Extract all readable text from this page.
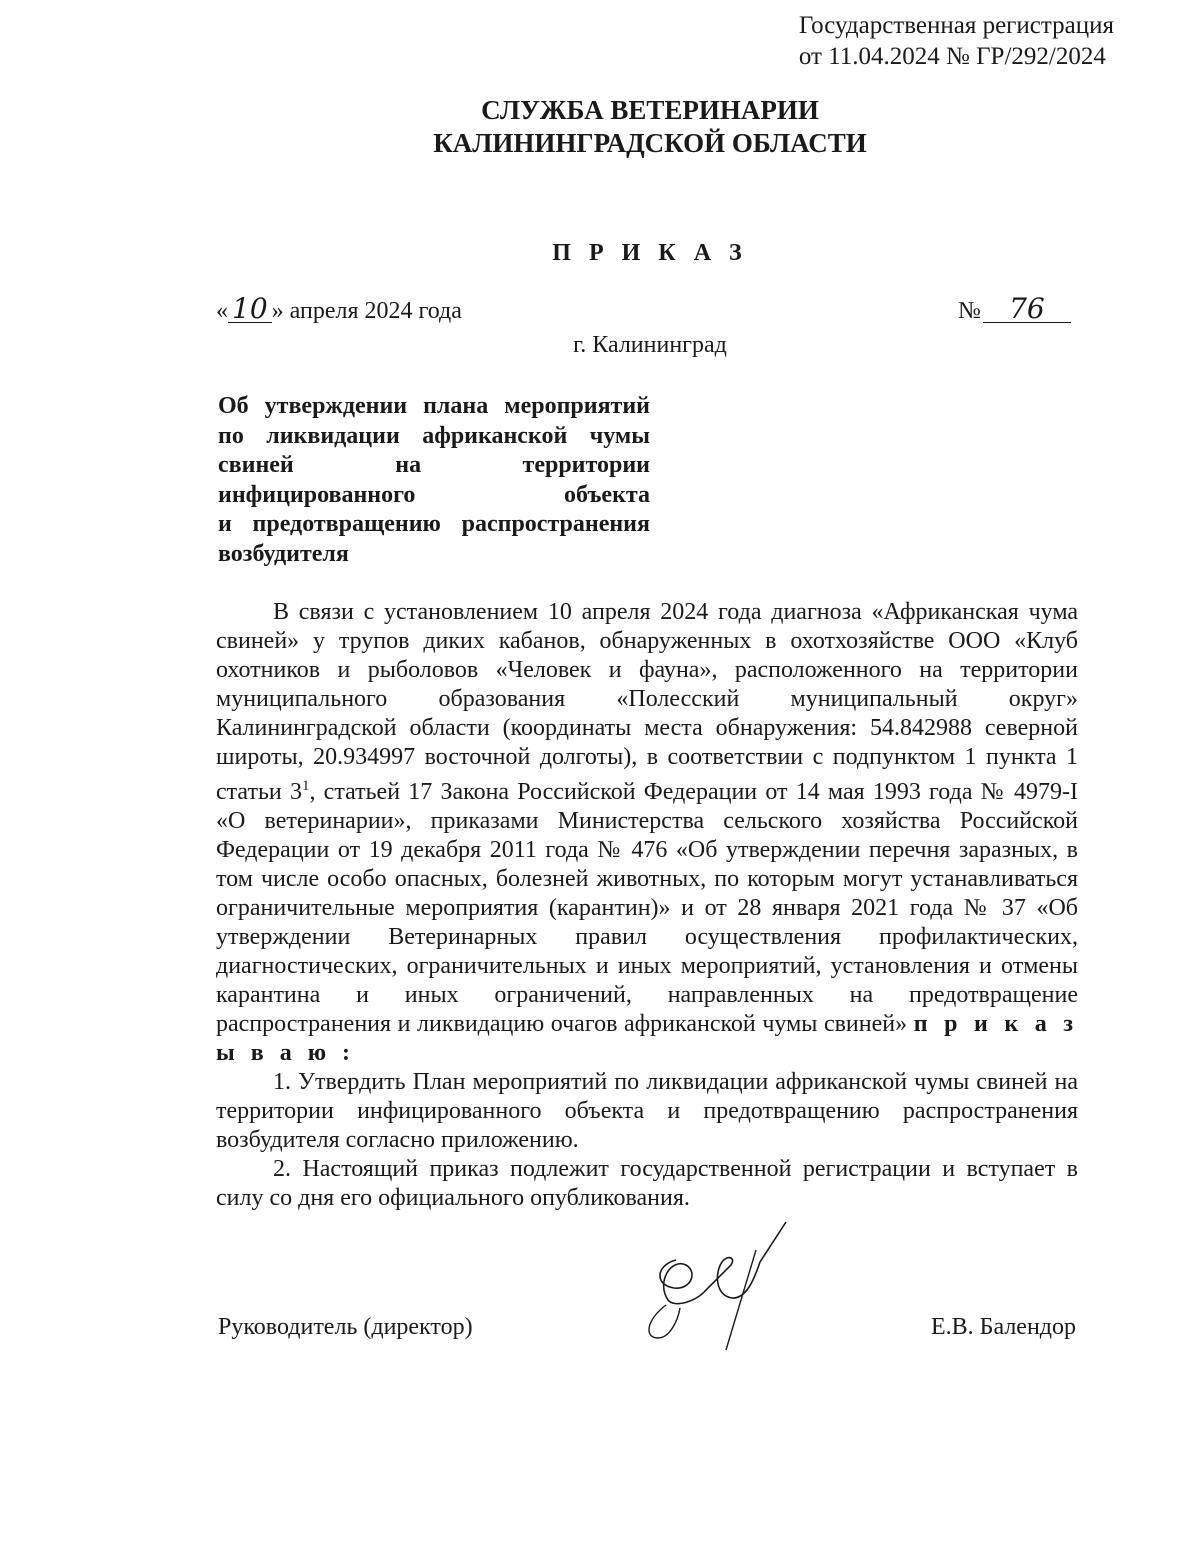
Государственная регистрация
от 11.04.2024 № ГР/292/2024
СЛУЖБА ВЕТЕРИНАРИИ
КАЛИНИНГРАДСКОЙ ОБЛАСТИ
П Р И К А З
« 10 » апреля 2024 года	№ 76
г. Калининград
Об утверждении плана мероприятий
по ликвидации африканской чумы
свиней на территории
инфицированного объекта
и предотвращению распространения
возбудителя

В связи с установлением 10 апреля 2024 года диагноза «Африканская чума свиней» у трупов диких кабанов, обнаруженных в охотхозяйстве ООО «Клуб охотников и рыболовов «Человек и фауна», расположенного на территории муниципального образования «Полесский муниципальный округ» Калининградской области (координаты места обнаружения: 54.842988 северной широты, 20.934997 восточной долготы), в соответствии с подпунктом 1 пункта 1 статьи $3^1$, статьей 17 Закона Российской Федерации от 14 мая 1993 года № 4979-I «О ветеринарии», приказами Министерства сельского хозяйства Российской Федерации от 19 декабря 2011 года № 476 «Об утверждении перечня заразных, в том числе особо опасных, болезней животных, по которым могут устанавливаться ограничительные мероприятия (карантин)» и от 28 января 2021 года № 37 «Об утверждении Ветеринарных правил осуществления профилактических, диагностических, ограничительных и иных мероприятий, установления и отмены карантина и иных ограничений, направленных на предотвращение распространения и ликвидацию очагов африканской чумы свиней» п р и к а з ы в а ю :

1. Утвердить План мероприятий по ликвидации африканской чумы свиней на территории инфицированного объекта и предотвращению распространения возбудителя согласно приложению.

2. Настоящий приказ подлежит государственной регистрации и вступает в силу со дня его официального опубликования.

Руководитель (директор)	Е.В. Балендор
